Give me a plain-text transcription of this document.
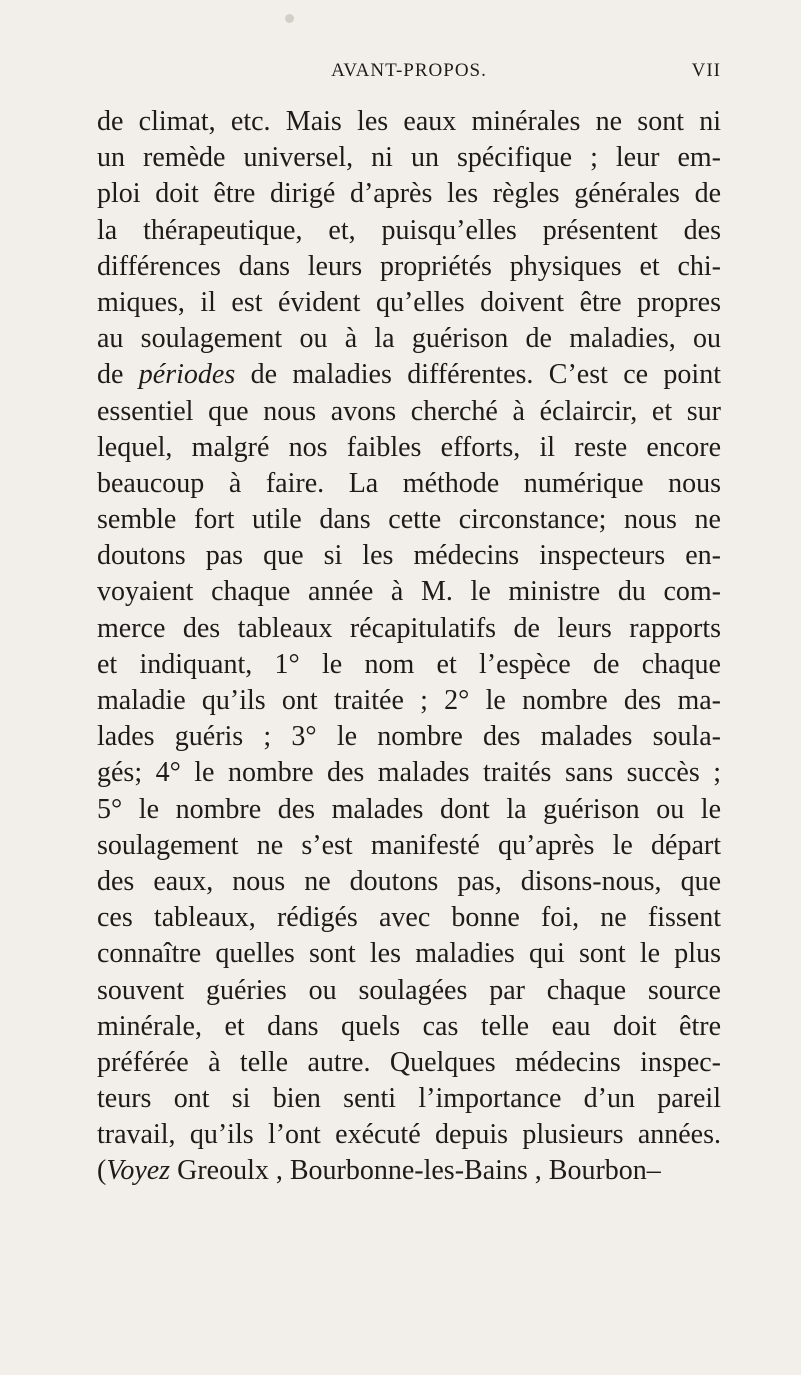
AVANT-PROPOS.	VII
de climat, etc. Mais les eaux minérales ne sont ni
un remède universel, ni un spécifique ; leur em-
ploi doit être dirigé d’après les règles générales de
la thérapeutique, et, puisqu’elles présentent des
différences dans leurs propriétés physiques et chi-
miques, il est évident qu’elles doivent être propres
au soulagement ou à la guérison de maladies, ou
de périodes de maladies différentes. C’est ce point
essentiel que nous avons cherché à éclaircir, et sur
lequel, malgré nos faibles efforts, il reste encore
beaucoup à faire. La méthode numérique nous
semble fort utile dans cette circonstance; nous ne
doutons pas que si les médecins inspecteurs en-
voyaient chaque année à M. le ministre du com-
merce des tableaux récapitulatifs de leurs rapports
et indiquant, 1° le nom et l’espèce de chaque
maladie qu’ils ont traitée ; 2° le nombre des ma-
lades guéris ; 3° le nombre des malades soula-
gés; 4° le nombre des malades traités sans succès ;
5° le nombre des malades dont la guérison ou le
soulagement ne s’est manifesté qu’après le départ
des eaux, nous ne doutons pas, disons-nous, que
ces tableaux, rédigés avec bonne foi, ne fissent
connaître quelles sont les maladies qui sont le plus
souvent guéries ou soulagées par chaque source
minérale, et dans quels cas telle eau doit être
préférée à telle autre. Quelques médecins inspec-
teurs ont si bien senti l’importance d’un pareil
travail, qu’ils l’ont exécuté depuis plusieurs années.
(Voyez Greoulx , Bourbonne-les-Bains , Bourbon–
